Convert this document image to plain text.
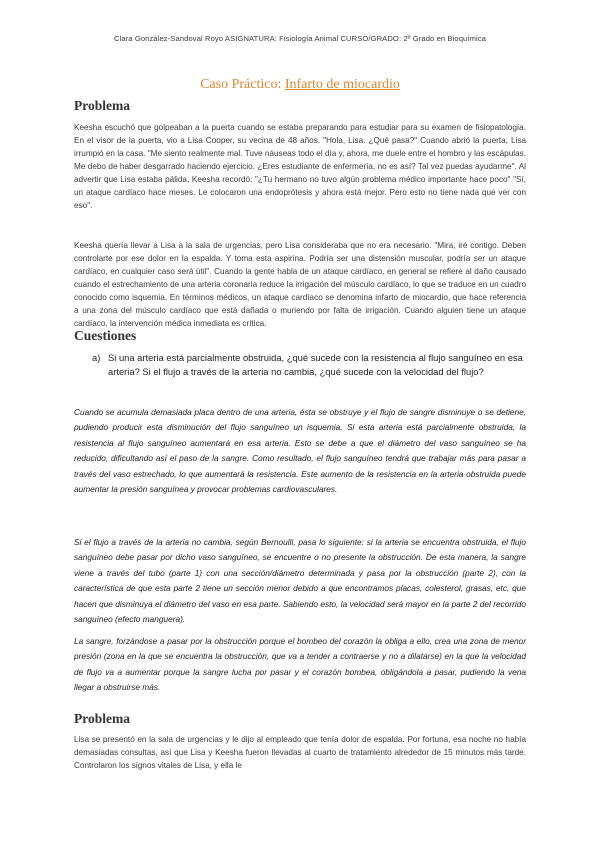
Clara González-Sandoval Royo ASIGNATURA: Fisiología Animal CURSO/GRADO: 2º Grado en Bioquímica
Caso Práctico: Infarto de miocardio
Problema
Keesha escuchó que golpeaban a la puerta cuando se estaba preparando para estudiar para su examen de fisiopatología. En el visor de la puerta, vio a Lisa Cooper, su vecina de 48 años. "Hola, Lisa. ¿Qué pasa?" Cuando abrió la puerta, Lisa irrumpió en la casa. "Me siento realmente mal. Tuve náuseas todo el día y, ahora, me duele entre el hombro y las escápulas. Me debo de haber desgarrado haciendo ejercicio. ¿Eres estudiante de enfermería, no es así? Tal vez puedas ayudarme". Al advertir que Lisa estaba pálida, Keesha recordó: "¿Tu hermano no tuvo algún problema médico importante hace poco" "Sí, un ataque cardíaco hace meses. Le colocaron una endoprótesis y ahora está mejor. Pero esto no tiene nada que ver con eso".
Keesha quería llevar a Lisa a la sala de urgencias, pero Lisa consideraba que no era necesario. "Mira, iré contigo. Deben controlarte por ese dolor en la espalda. Y toma esta aspirina. Podría ser una distensión muscular, podría ser un ataque cardíaco, en cualquier caso será útil". Cuando la gente habla de un ataque cardíaco, en general se refiere al daño causado cuando el estrechamiento de una arteria coronaria reduce la irrigación del músculo cardíaco, lo que se traduce en un cuadro conocido como isquemia. En términos médicos, un ataque cardíaco se denomina infarto de miocardio, que hace referencia a una zona del músculo cardíaco que está dañada o muriendo por falta de irrigación. Cuando alguien tiene un ataque cardíaco, la intervención médica inmediata es crítica.
Cuestiones
a) Si una arteria está parcialmente obstruida, ¿qué sucede con la resistencia al flujo sanguíneo en esa arteria? Si el flujo a través de la arteria no cambia, ¿qué sucede con la velocidad del flujo?
Cuando se acumula demasiada placa dentro de una arteria, ésta se obstruye y el flujo de sangre disminuye o se detiene, pudiendo producir esta disminución del flujo sanguíneo un isquemia. Si esta arteria está parcialmente obstruida, la resistencia al flujo sanguíneo aumentará en esa arteria. Esto se debe a que el diámetro del vaso sanguíneo se ha reducido, dificultando así el paso de la sangre. Como resultado, el flujo sanguíneo tendrá que trabajar más para pasar a través del vaso estrechado, lo que aumentará la resistencia. Este aumento de la resistencia en la arteria obstruida puede aumentar la presión sanguínea y provocar problemas cardiovasculares.
Si el flujo a través de la arteria no cambia, según Bernoulli, pasa lo siguiente: si la arteria se encuentra obstruida, el flujo sanguíneo debe pasar por dicho vaso sanguíneo, se encuentre o no presente la obstrucción. De esta manera, la sangre viene a través del tubo (parte 1) con una sección/diámetro determinada y pasa por la obstrucción (parte 2), con la característica de que esta parte 2 tiene un sección menor debido a que encontramos placas, colesterol, grasas, etc, que hacen que disminuya el diámetro del vaso en esa parte. Sabiendo esto, la velocidad será mayor en la parte 2 del recorrido sanguíneo (efecto manguera).
La sangre, forzándose a pasar por la obstrucción porque el bombeo del corazón la obliga a ello, crea una zona de menor presión (zona en la que se encuentra la obstrucción, que va a tender a contraerse y no a dilatarse) en la que la velocidad de flujo va a aumentar porque la sangre lucha por pasar y el corazón bombea, obligándola a pasar, pudiendo la vena llegar a obstruirse más.
Problema
Lisa se presentó en la sala de urgencias y le dijo al empleado que tenía dolor de espalda. Por fortuna, esa noche no había demasiadas consultas, así que Lisa y Keesha fueron llevadas al cuarto de tratamiento alrededor de 15 minutos más tarde. Controlaron los signos vitales de Lisa, y ella le
